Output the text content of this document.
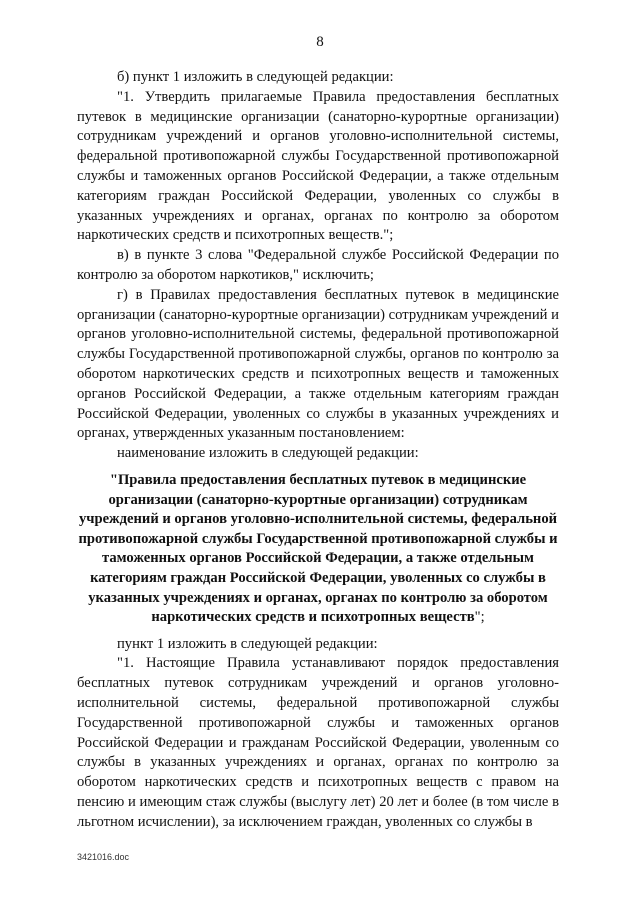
8

б) пункт 1 изложить в следующей редакции:

"1. Утвердить прилагаемые Правила предоставления бесплатных путевок в медицинские организации (санаторно-курортные организации) сотрудникам учреждений и органов уголовно-исполнительной системы, федеральной противопожарной службы Государственной противопожарной службы и таможенных органов Российской Федерации, а также отдельным категориям граждан Российской Федерации, уволенных со службы в указанных учреждениях и органах, органах по контролю за оборотом наркотических средств и психотропных веществ.";

в) в пункте 3 слова "Федеральной службе Российской Федерации по контролю за оборотом наркотиков," исключить;

г) в Правилах предоставления бесплатных путевок в медицинские организации (санаторно-курортные организации) сотрудникам учреждений и органов уголовно-исполнительной системы, федеральной противопожарной службы Государственной противопожарной службы, органов по контролю за оборотом наркотических средств и психотропных веществ и таможенных органов Российской Федерации, а также отдельным категориям граждан Российской Федерации, уволенных со службы в указанных учреждениях и органах, утвержденных указанным постановлением:

наименование изложить в следующей редакции:

"Правила предоставления бесплатных путевок в медицинские организации (санаторно-курортные организации) сотрудникам учреждений и органов уголовно-исполнительной системы, федеральной противопожарной службы Государственной противопожарной службы и таможенных органов Российской Федерации, а также отдельным категориям граждан Российской Федерации, уволенных со службы в указанных учреждениях и органах, органах по контролю за оборотом наркотических средств и психотропных веществ";

пункт 1 изложить в следующей редакции:

"1. Настоящие Правила устанавливают порядок предоставления бесплатных путевок сотрудникам учреждений и органов уголовно-исполнительной системы, федеральной противопожарной службы Государственной противопожарной службы и таможенных органов Российской Федерации и гражданам Российской Федерации, уволенным со службы в указанных учреждениях и органах, органах по контролю за оборотом наркотических средств и психотропных веществ с правом на пенсию и имеющим стаж службы (выслугу лет) 20 лет и более (в том числе в льготном исчислении), за исключением граждан, уволенных со службы в

3421016.doc
